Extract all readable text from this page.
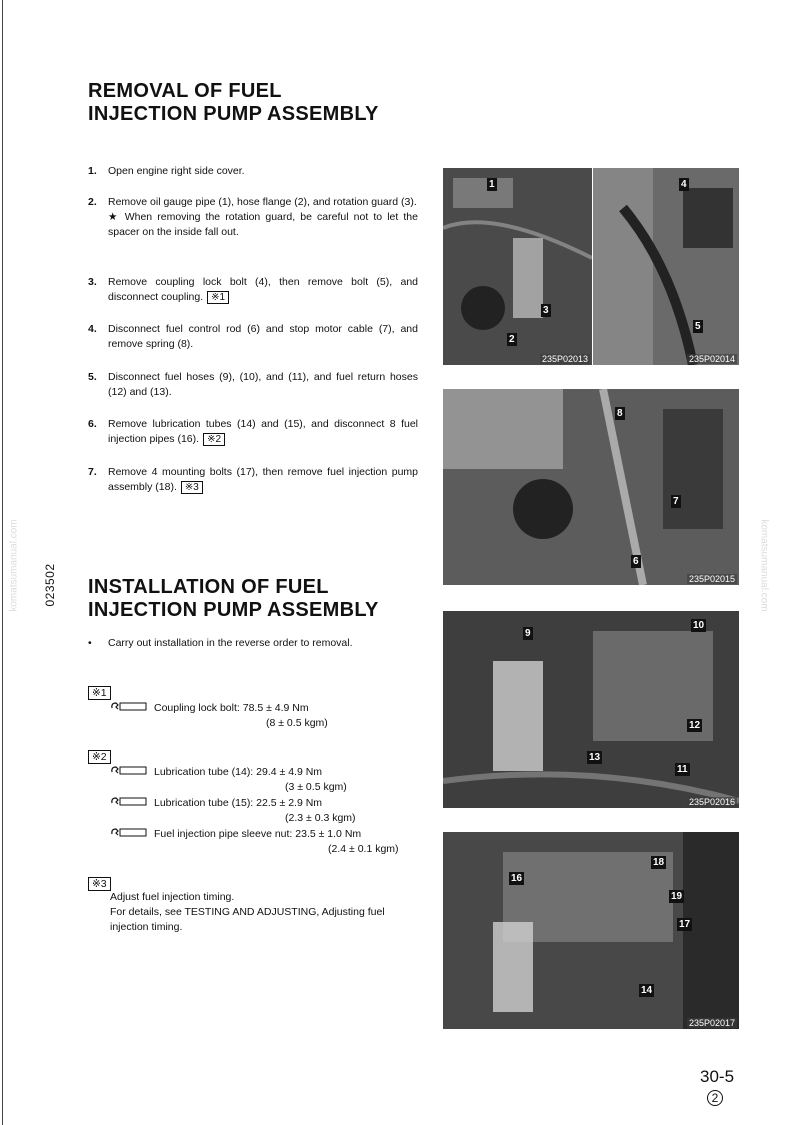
023502
komatsumanual.com	komatsumanual.com
REMOVAL OF FUEL
INJECTION PUMP ASSEMBLY
1. Open engine right side cover.
2. Remove oil gauge pipe (1), hose flange (2), and rotation guard (3).
★ When removing the rotation guard, be careful not to let the spacer on the inside fall out.
3. Remove coupling lock bolt (4), then remove bolt (5), and disconnect coupling. ※1
4. Disconnect fuel control rod (6) and stop motor cable (7), and remove spring (8).
5. Disconnect fuel hoses (9), (10), and (11), and fuel return hoses (12) and (13).
6. Remove lubrication tubes (14) and (15), and disconnect 8 fuel injection pipes (16). ※2
7. Remove 4 mounting bolts (17), then remove fuel injection pump assembly (18). ※3
INSTALLATION OF FUEL
INJECTION PUMP ASSEMBLY
• Carry out installation in the reverse order to removal.
※1
Coupling lock bolt: 78.5 ± 4.9 Nm
(8 ± 0.5 kgm)
※2
Lubrication tube (14): 29.4 ± 4.9 Nm
(3 ± 0.5 kgm)
Lubrication tube (15): 22.5 ± 2.9 Nm
(2.3 ± 0.3 kgm)
Fuel injection pipe sleeve nut: 23.5 ± 1.0 Nm
(2.4 ± 0.1 kgm)
※3
Adjust fuel injection timing.
For details, see TESTING AND ADJUSTING, Adjusting fuel injection timing.
1
2
3
235P02013
4
5
235P02014
8
7
6
235P02015
9
10
12
13
11
235P02016
18
16
19
17
14
235P02017
30-5
2
